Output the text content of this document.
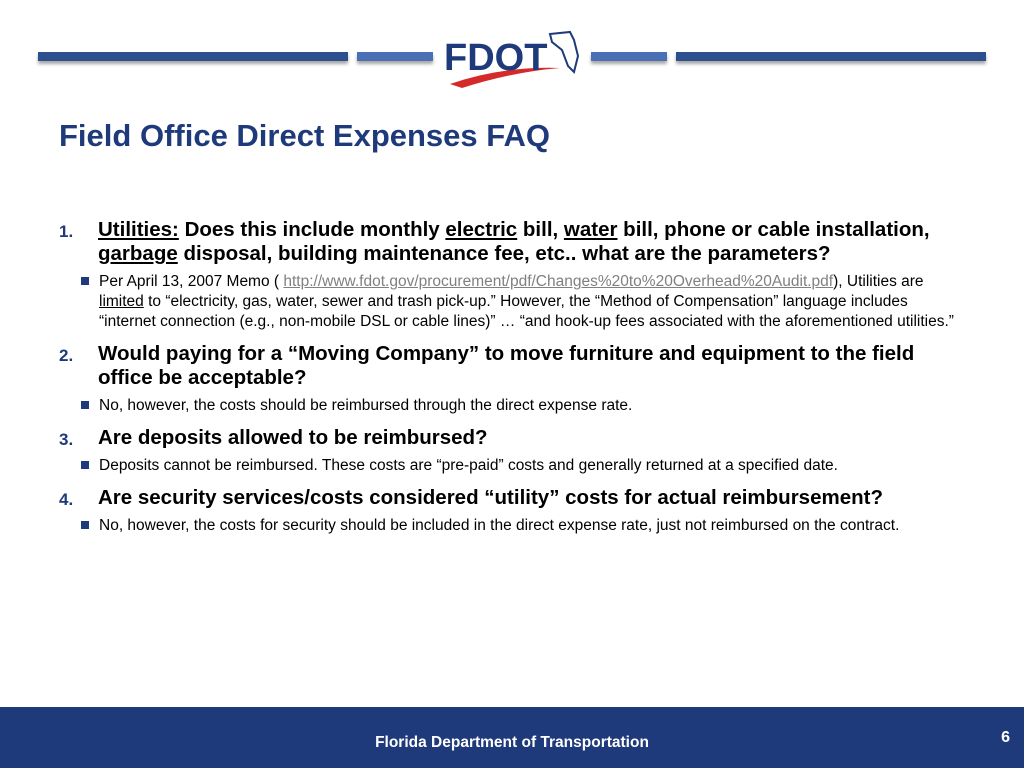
FDOT
Field Office Direct Expenses FAQ
1. Utilities: Does this include monthly electric bill, water bill, phone or cable installation, garbage disposal, building maintenance fee, etc.. what are the parameters?
Per April 13, 2007 Memo ( http://www.fdot.gov/procurement/pdf/Changes%20to%20Overhead%20Audit.pdf), Utilities are limited to “electricity, gas, water, sewer and trash pick-up.” However, the “Method of Compensation” language includes “internet connection (e.g., non-mobile DSL or cable lines)” … “and hook-up fees associated with the aforementioned utilities.”
2. Would paying for a “Moving Company” to move furniture and equipment to the field office be acceptable?
No, however, the costs should be reimbursed through the direct expense rate.
3. Are deposits allowed to be reimbursed?
Deposits cannot be reimbursed. These costs are “pre-paid” costs and generally returned at a specified date.
4. Are security services/costs considered “utility” costs for actual reimbursement?
No, however, the costs for security should be included in the direct expense rate, just not reimbursed on the contract.
Florida Department of Transportation	6
